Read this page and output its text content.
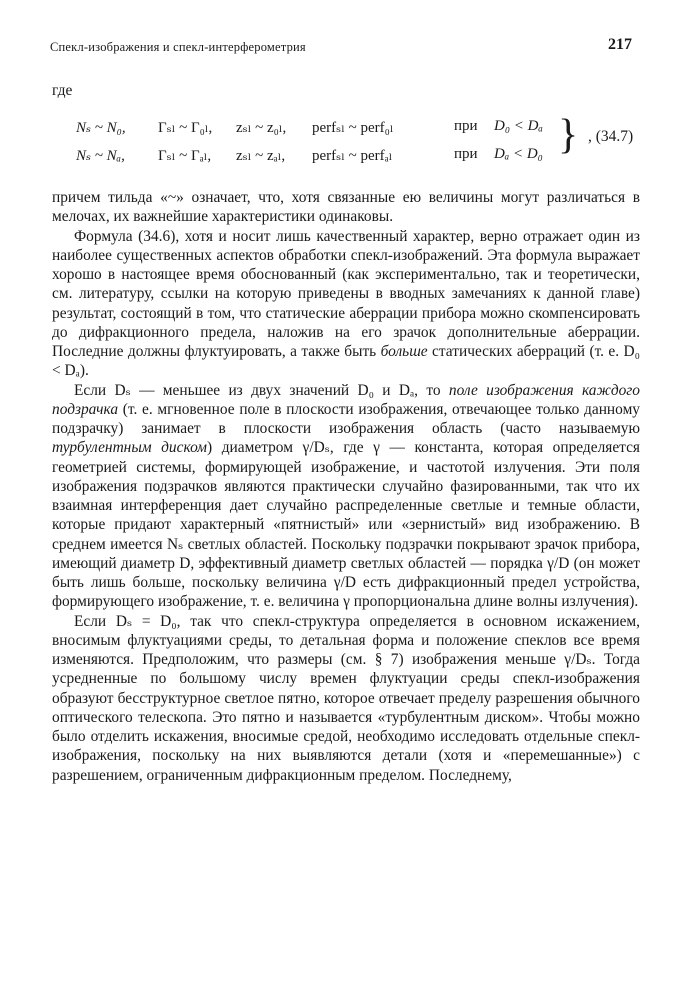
Спекл-изображения и спекл-интерферометрия	217
где
Nₛ ~ N₀, Γₛₗ ~ Γ₀ₗ, zₛₗ ~ z₀ₗ, perfₛₗ ~ perf₀ₗ	при D₀ < Dₐ
Nₛ ~ Nₐ, Γₛₗ ~ Γₐₗ, zₛₗ ~ zₐₗ, perfₛₗ ~ perfₐₗ	при Dₐ < D₀ } , (34.7)

причем тильда «~» означает, что, хотя связанные ею величины могут различаться в мелочах, их важнейшие характеристики одинаковы.

Формула (34.6), хотя и носит лишь качественный характер, верно отражает один из наиболее существенных аспектов обработки спекл-изображений. Эта формула выражает хорошо в настоящее время обоснованный (как экспериментально, так и теоретически, см. литературу, ссылки на которую приведены в вводных замечаниях к данной главе) результат, состоящий в том, что статические аберрации прибора можно скомпенсировать до дифракционного предела, наложив на его зрачок дополнительные аберрации. Последние должны флуктуировать, а также быть больше статических аберраций (т. е. D₀ < Dₐ).

Если Dₛ — меньшее из двух значений D₀ и Dₐ, то поле изображения каждого подзрачка (т. е. мгновенное поле в плоскости изображения, отвечающее только данному подзрачку) занимает в плоскости изображения область (часто называемую турбулентным диском) диаметром γ/Dₛ, где γ — константа, которая определяется геометрией системы, формирующей изображение, и частотой излучения. Эти поля изображения подзрачков являются практически случайно фазированными, так что их взаимная интерференция дает случайно распределенные светлые и темные области, которые придают характерный «пятнистый» или «зернистый» вид изображению. В среднем имеется Nₛ светлых областей. Поскольку подзрачки покрывают зрачок прибора, имеющий диаметр D, эффективный диаметр светлых областей — порядка γ/D (он может быть лишь больше, поскольку величина γ/D есть дифракционный предел устройства, формирующего изображение, т. е. величина γ пропорциональна длине волны излучения).

Если Dₛ = D₀, так что спекл-структура определяется в основном искажением, вносимым флуктуациями среды, то детальная форма и положение спеклов все время изменяются. Предположим, что размеры (см. § 7) изображения меньше γ/Dₛ. Тогда усредненные по большому числу времен флуктуации среды спекл-изображения образуют бесструктурное светлое пятно, которое отвечает пределу разрешения обычного оптического телескопа. Это пятно и называется «турбулентным диском». Чтобы можно было отделить искажения, вносимые средой, необходимо исследовать отдельные спекл-изображения, поскольку на них выявляются детали (хотя и «перемешанные») с разрешением, ограниченным дифракционным пределом. Последнему,
